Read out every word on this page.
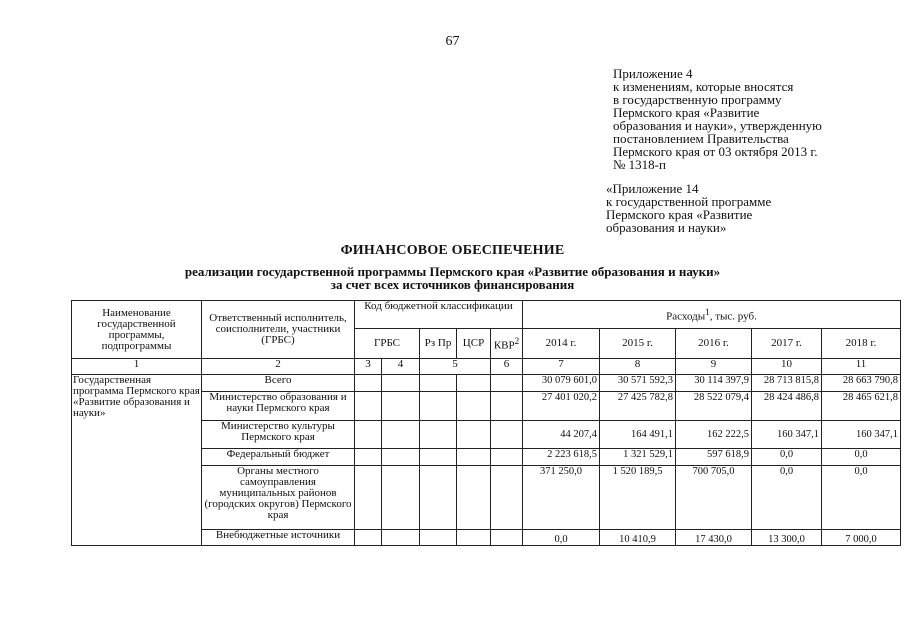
67
Приложение 4
к изменениям, которые вносятся
в государственную программу
Пермского края «Развитие
образования и науки», утвержденную
постановлением Правительства
Пермского края от 03 октября 2013 г.
№ 1318-п
«Приложение 14
к государственной программе
Пермского края «Развитие
образования и науки»
ФИНАНСОВОЕ ОБЕСПЕЧЕНИЕ
реализации государственной программы Пермского края «Развитие образования и науки»
за счет всех источников финансирования
Наименование государственной программы, подпрограммы	Ответственный исполнитель, соисполнители, участники (ГРБС)	Код бюджетной классификации					Расходы$^1$, тыс. руб.				
		ГРБС		Рз Пр	ЦСР	КВР$^2$	2014 г.	2015 г.	2016 г.	2017 г.	2018 г.
1	2	3	4	5		6	7	8	9	10	11
Государственная программа Пермского края «Развитие образования и науки»	Всего						30 079 601,0	30 571 592,3	30 114 397,9	28 713 815,8	28 663 790,8
	Министерство образования и науки Пермского края						27 401 020,2	27 425 782,8	28 522 079,4	28 424 486,8	28 465 621,8
	Министерство культуры Пермского края						44 207,4	164 491,1	162 222,5	160 347,1	160 347,1
	Федеральный бюджет						2 223 618,5	1 321 529,1	597 618,9	0,0	0,0
	Органы местного самоуправления муниципальных районов (городских округов) Пермского края						371 250,0	1 520 189,5	700 705,0	0,0	0,0
	Внебюджетные источники						0,0	10 410,9	17 430,0	13 300,0	7 000,0
